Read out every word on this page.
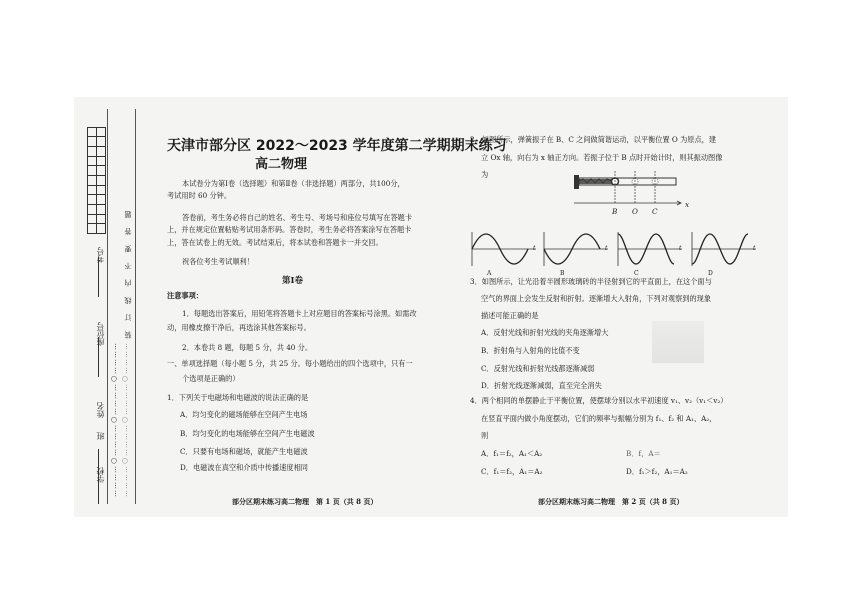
…………○…………○…………○…………
装 订 线 内 不 要 答 题
…………○…………○…………○…………
考号
座位号
姓名
班
学校
天津市部分区 2022～2023 学年度第二学期期末练习
高二物理
本试卷分为第Ⅰ卷（选择题）和第Ⅱ卷（非选择题）两部分，共100分，
考试用时 60 分钟。
答卷前，考生务必将自己的姓名、考生号、考场号和座位号填写在答题卡
上，并在规定位置粘贴考试用条形码。答卷时，考生务必将答案涂写在答题卡
上，答在试卷上的无效。考试结束后，将本试卷和答题卡一并交回。
祝各位考生考试顺利！
第Ⅰ卷
注意事项：
1．每题选出答案后，用铅笔将答题卡上对应题目的答案标号涂黑。如需改
动，用橡皮擦干净后，再选涂其他答案标号。
2．本卷共 8 题，每题 5 分，共 40 分。
一、单项选择题（每小题 5 分，共 25 分。每小题给出的四个选项中，只有一
个选项是正确的）
1．下列关于电磁场和电磁波的说法正确的是
A．均匀变化的磁场能够在空间产生电场
B．均匀变化的电场能够在空间产生电磁波
C．只要有电场和磁场，就能产生电磁波
D．电磁波在真空和介质中传播速度相同
部分区期末练习高二物理　第 1 页（共 8 页）
2．如图所示，弹簧振子在 B、C 之间做简谐运动，以平衡位置 O 为原点，建
立 Ox 轴，向右为 x 轴正方向。若振子位于 B 点时开始计时，则其振动图像
为
B O C
x
A	B	C	D
t	t	t	t
3．如图所示，让光沿着半圆形玻璃砖的半径射到它的平直面上，在这个面与
空气的界面上会发生反射和折射。逐渐增大入射角，下列对观察到的现象
描述可能正确的是
A．反射光线和折射光线的夹角逐渐增大
B．折射角与入射角的比值不变
C．反射光线和折射光线都逐渐减弱
D．折射光线逐渐减弱，直至完全消失
4．两个相同的单摆静止于平衡位置，使摆球分别以水平初速度 v₁、v₂（v₁＜v₂）
在竖直平面内做小角度摆动，它们的频率与振幅分别为 f₁、f₂ 和 A₁、A₂，
则
A．f₁＝f₂，A₁＜A₂	B．f，A＝
C．f₁＝f₂，A₁＝A₂	D．f₁＞f₂，A₁＝A₂
部分区期末练习高二物理　第 2 页（共 8 页）
